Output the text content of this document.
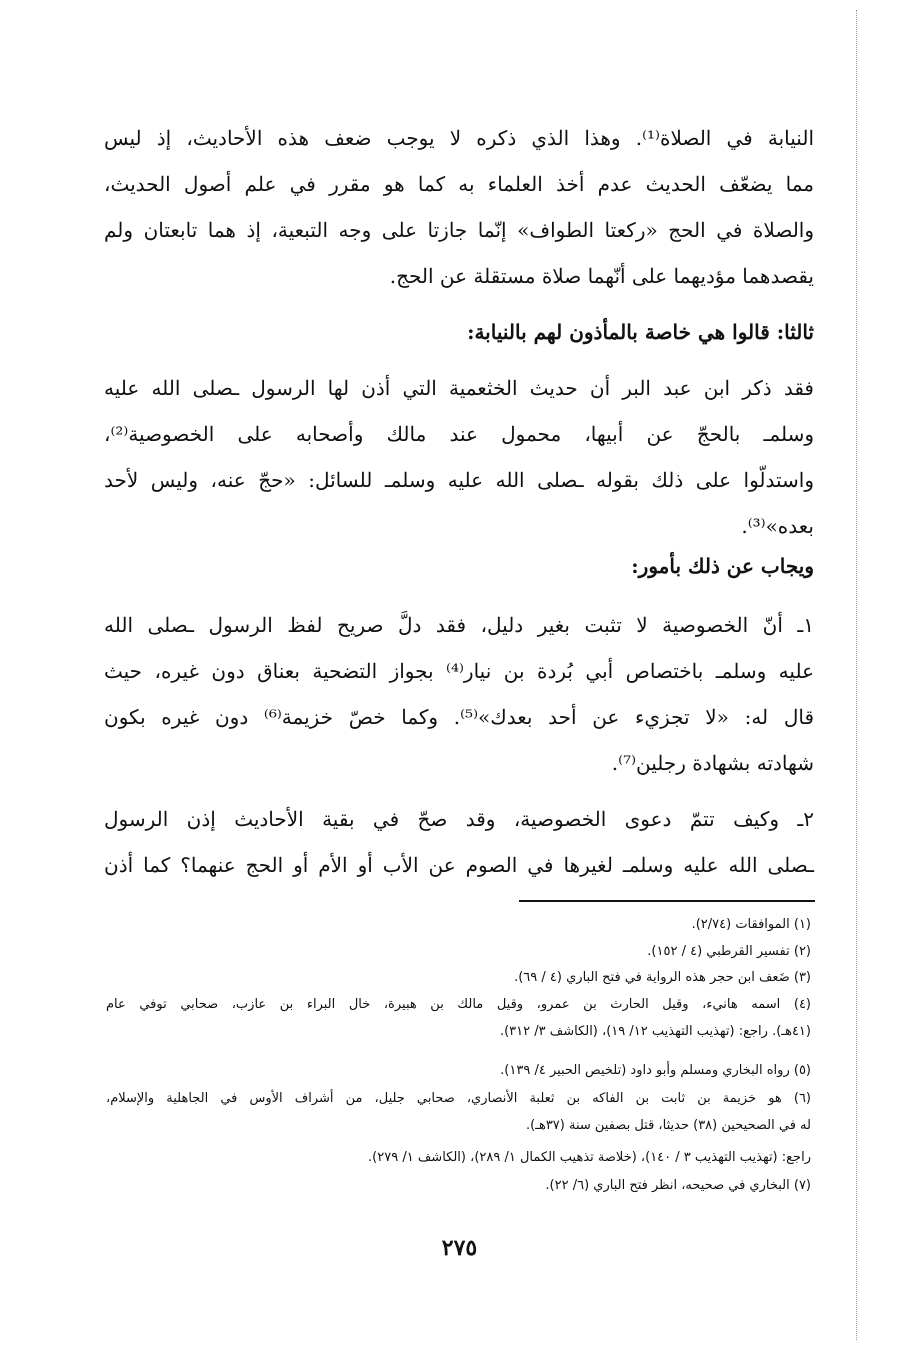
النيابة في الصلاة⁽¹⁾. وهذا الذي ذكره لا يوجب ضعف هذه الأحاديث، إذ ليس
مما يضعّف الحديث عدم أخذ العلماء به كما هو مقرر في علم أصول الحديث،
والصلاة في الحج «ركعتا الطواف» إنّما جازتا على وجه التبعية، إذ هما تابعتان ولم
يقصدهما مؤديهما على أنّهما صلاة مستقلة عن الحج.
ثالثا: قالوا هي خاصة بالمأذون لهم بالنيابة:
فقد ذكر ابن عبد البر أن حديث الخثعمية التي أذن لها الرسول ـصلى الله عليه
وسلمـ بالحجّ عن أبيها، محمول عند مالك وأصحابه على الخصوصية⁽²⁾،
واستدلّوا على ذلك بقوله ـصلى الله عليه وسلمـ للسائل: «حجّ عنه، وليس لأحد
بعده»⁽³⁾.
ويجاب عن ذلك بأمور:
١ـ أنّ الخصوصية لا تثبت بغير دليل، فقد دلَّ صريح لفظ الرسول ـصلى الله
عليه وسلمـ باختصاص أبي بُردة بن نيار⁽⁴⁾ بجواز التضحية بعناق دون غيره، حيث
قال له: «لا تجزيء عن أحد بعدك»⁽⁵⁾. وكما خصّ خزيمة⁽⁶⁾ دون غيره بكون
شهادته بشهادة رجلين⁽⁷⁾.
٢ـ وكيف تتمّ دعوى الخصوصية، وقد صحّ في بقية الأحاديث إذن الرسول
ـصلى الله عليه وسلمـ لغيرها في الصوم عن الأب أو الأم أو الحج عنهما؟ كما أذن
(١) الموافقات (٢/٧٤).
(٢) تفسير القرطبي (٤ / ١٥٢).
(٣) ضَعف ابن حجر هذه الرواية في فتح الباري (٤ / ٦٩).
(٤) اسمه هانيء، وقيل الحارث بن عمرو، وقيل مالك بن هبيرة، خال البراء بن عازب، صحابي توفي عام
(٤١هـ). راجع: (تهذيب التهذيب ١٢/ ١٩)، (الكاشف ٣/ ٣١٢).
(٥) رواه البخاري ومسلم وأبو داود (تلخيص الحبير ٤/ ١٣٩).
(٦) هو خزيمة بن ثابت بن الفاكه بن ثعلبة الأنصاري، صحابي جليل، من أشراف الأوس في الجاهلية والإسلام،
له في الصحيحين (٣٨) حديثا، قتل بصفين سنة (٣٧هـ).
راجع: (تهذيب التهذيب ٣ / ١٤٠)، (خلاصة تذهيب الكمال ١/ ٢٨٩)، (الكاشف ١/ ٢٧٩).
(٧) البخاري في صحيحه، انظر فتح الباري (٦/ ٢٢).
٢٧٥
